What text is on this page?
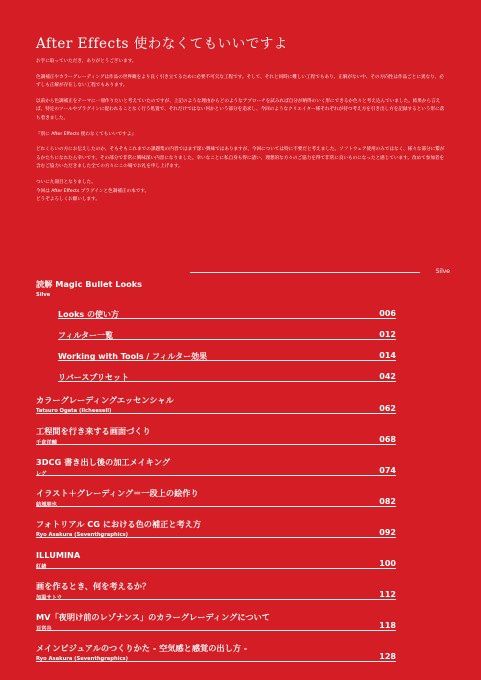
After Effects 使わなくてもいいですよ

お手に取っていただき、ありがとうございます。

色調補正やカラーグレーディングは作品の世界観をより良く引き立てるために必要不可欠な工程です。そして、それと同時に難しい工程でもあり、正解がない中、その方向性は作品ごとに異なり、必ずしも正解が存在しない工程でもあります。

以前から色調補正をテーマに一冊作りたいと考えていたのですが、上記のような理由からどのようなアプローチを試みれば自分が納得のいく形にできるか色々と考え込んでいました。結果から言えば、特定のツールやプラグインに捉われることなく行う処置で、それだけではない何かという部分を追求し、今回のようなクリエイター様それぞれが持つ考え方を引き出し方を記録するという形に落ち着きました。

『別に After Effects 使わなくてもいいですよ』

どれくらいの方にお伝えしたのか、そもそもこれまでの課題集の内容ではまず深い興味ではありますが、今回については特に不要だと考えました。ソフトウェア使用のみではなく、様々な部分に繋がるかたちになれたら幸いです。その部分で非常に興味深い内容になりました。幸いなことに私自身も得に諸い、理想的な方々のご協力を得て非常に良いものになったと感じています。改めて参加者を含むご協力いただきました全ての方々にこの場でお礼を申し上げます。

ついに九冊目となりました。
今回は After Effects プラグインと色調補正の本です。
どうぞよろしくお願いします。

Silve
読解 Magic Bullet Looks
Silve
Looks の使い方	006
フィルター一覧	012
Working with Tools / フィルター効果	014
リバースプリセット	042
カラーグレーディングエッセンシャル
Tatsuro Ogata (Ilcheesell)	062
工程間を行き来する画面づくり
千倉洋輔	068
3DCG 書き出し後の加工メイキング
レグ	074
イラスト＋グレーディング＝一段上の絵作り
結城朋也	082
フォトリアル CG における色の補正と考え方
Ryo Asakura (Seventhgraphics)	092
ILLUMINA
紅緒	100
画を作るとき、何を考えるか？
加温サトウ	112
MV「夜明け前のレゾナンス」のカラーグレーディングについて
百宮谷	118
メインビジュアルのつくりかた - 空気感と感覚の出し方 -
Ryo Asakura (Seventhgraphics)	128
